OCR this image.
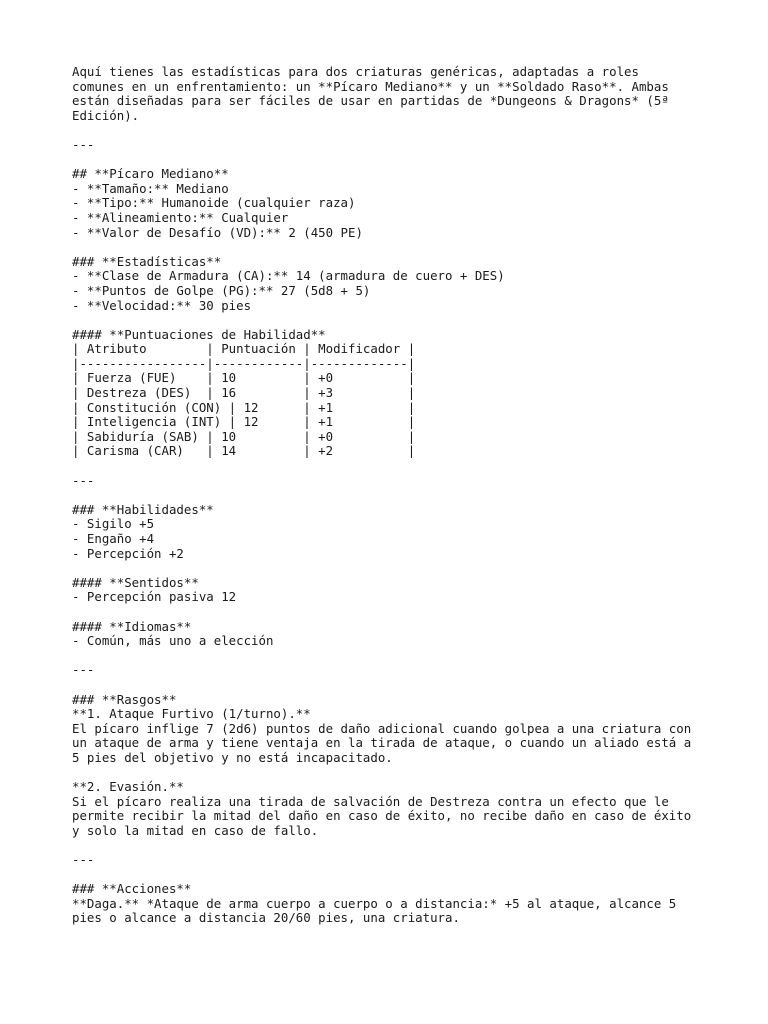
Aquí tienes las estadísticas para dos criaturas genéricas, adaptadas a roles
comunes en un enfrentamiento: un **Pícaro Mediano** y un **Soldado Raso**. Ambas
están diseñadas para ser fáciles de usar en partidas de *Dungeons & Dragons* (5ª
Edición).
---
## **Pícaro Mediano**
- **Tamaño:** Mediano
- **Tipo:** Humanoide (cualquier raza)
- **Alineamiento:** Cualquier
- **Valor de Desafío (VD):** 2 (450 PE)
### **Estadísticas**
- **Clase de Armadura (CA):** 14 (armadura de cuero + DES)
- **Puntos de Golpe (PG):** 27 (5d8 + 5)
- **Velocidad:** 30 pies
#### **Puntuaciones de Habilidad**
| Atributo        | Puntuación | Modificador |
|-----------------|------------|-------------|
| Fuerza (FUE)    | 10         | +0          |
| Destreza (DES)  | 16         | +3          |
| Constitución (CON) | 12      | +1          |
| Inteligencia (INT) | 12      | +1          |
| Sabiduría (SAB) | 10         | +0          |
| Carisma (CAR)   | 14         | +2          |
---
### **Habilidades**
- Sigilo +5
- Engaño +4
- Percepción +2
#### **Sentidos**
- Percepción pasiva 12
#### **Idiomas**
- Común, más uno a elección
---
### **Rasgos**
**1. Ataque Furtivo (1/turno).**
El pícaro inflige 7 (2d6) puntos de daño adicional cuando golpea a una criatura con
un ataque de arma y tiene ventaja en la tirada de ataque, o cuando un aliado está a
5 pies del objetivo y no está incapacitado.
**2. Evasión.**
Si el pícaro realiza una tirada de salvación de Destreza contra un efecto que le
permite recibir la mitad del daño en caso de éxito, no recibe daño en caso de éxito
y solo la mitad en caso de fallo.
---
### **Acciones**
**Daga.** *Ataque de arma cuerpo a cuerpo o a distancia:* +5 al ataque, alcance 5
pies o alcance a distancia 20/60 pies, una criatura.
